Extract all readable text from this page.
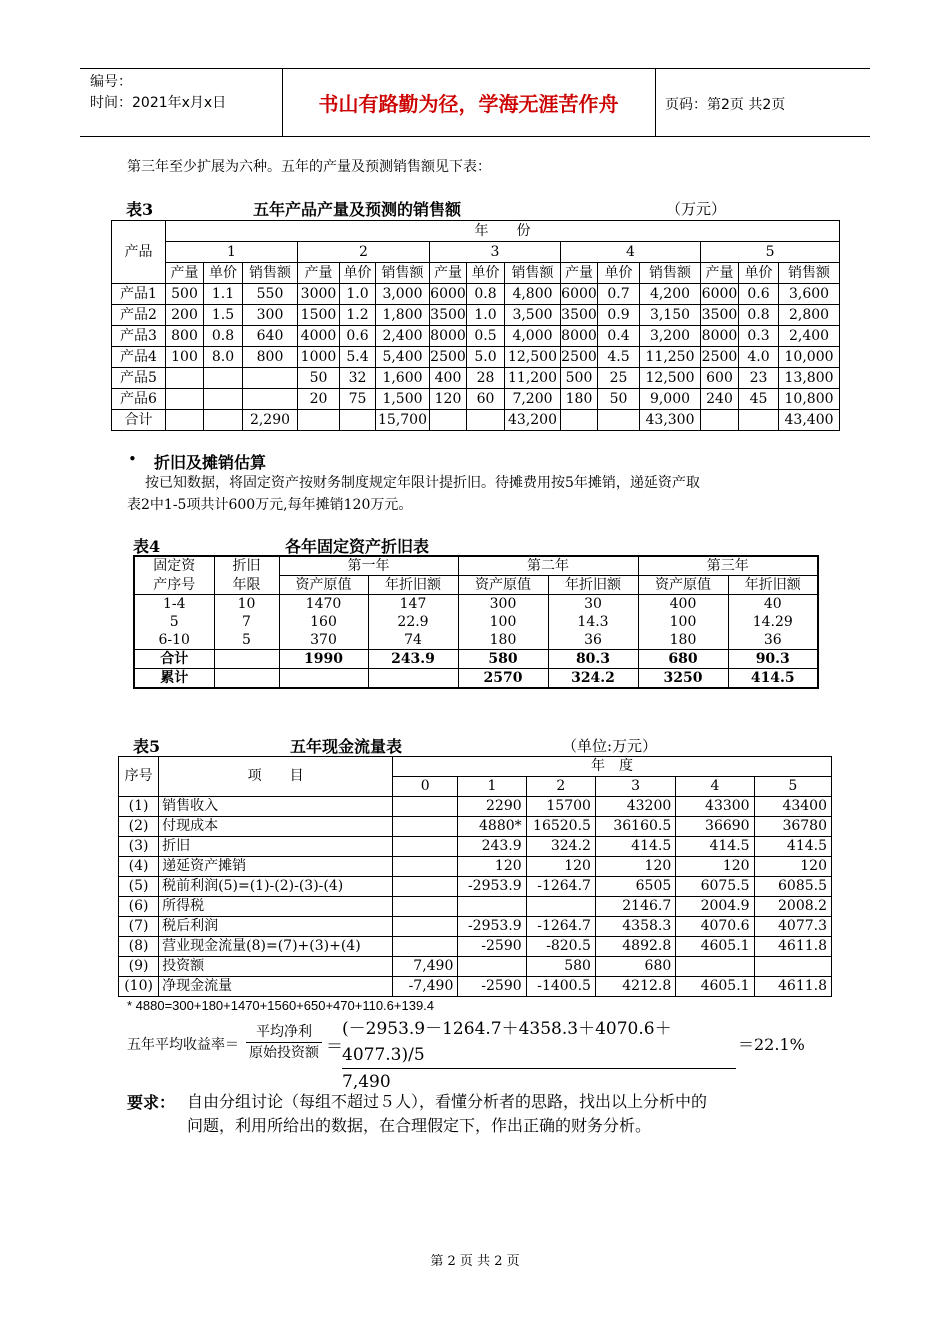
编号：
时间：2021年x月x日	书山有路勤为径，学海无涯苦作舟	页码：第2页 共2页
第三年至少扩展为六种。五年的产量及预测销售额见下表：
表3	五年产品产量及预测的销售额	（万元）
产品	年　　份														
	1			2			3			4			5		
	产量	单价	销售额	产量	单价	销售额	产量	单价	销售额	产量	单价	销售额	产量	单价	销售额
产品1	500	1.1	550	3000	1.0	3,000	6000	0.8	4,800	6000	0.7	4,200	6000	0.6	3,600
产品2	200	1.5	300	1500	1.2	1,800	3500	1.0	3,500	3500	0.9	3,150	3500	0.8	2,800
产品3	800	0.8	640	4000	0.6	2,400	8000	0.5	4,000	8000	0.4	3,200	8000	0.3	2,400
产品4	100	8.0	800	1000	5.4	5,400	2500	5.0	12,500	2500	4.5	11,250	2500	4.0	10,000
产品5				50	32	1,600	400	28	11,200	500	25	12,500	600	23	13,800
产品6				20	75	1,500	120	60	7,200	180	50	9,000	240	45	10,800
合计			2,290			15,700			43,200			43,300			43,400
• 折旧及摊销估算
按已知数据，将固定资产按财务制度规定年限计提折旧。待摊费用按5年摊销，递延资产取
表2中1-5项共计600万元,每年摊销120万元。
表4	各年固定资产折旧表
固定资	折旧	第一年		第二年		第三年	
产序号	年限	资产原值	年折旧额	资产原值	年折旧额	资产原值	年折旧额
1-4	10	1470	147	300	30	400	40
5	7	160	22.9	100	14.3	100	14.29
6-10	5	370	74	180	36	180	36
合计		1990	243.9	580	80.3	680	90.3
累计				2570	324.2	3250	414.5
表5	五年现金流量表	（单位:万元）
序号	项　　目	年　度					
		0	1	2	3	4	5
(1)	销售收入		2290	15700	43200	43300	43400
(2)	付现成本		4880*	16520.5	36160.5	36690	36780
(3)	折旧		243.9	324.2	414.5	414.5	414.5
(4)	递延资产摊销		120	120	120	120	120
(5)	税前利润(5)=(1)-(2)-(3)-(4)		-2953.9	-1264.7	6505	6075.5	6085.5
(6)	所得税				2146.7	2004.9	2008.2
(7)	税后利润		-2953.9	-1264.7	4358.3	4070.6	4077.3
(8)	营业现金流量(8)=(7)+(3)+(4)		-2590	-820.5	4892.8	4605.1	4611.8
(9)	投资额	7,490		580	680		
(10)	净现金流量	-7,490	-2590	-1400.5	4212.8	4605.1	4611.8
* 4880=300+180+1470+1560+650+470+110.6+139.4
五年平均收益率＝
平均净利
原始投资额 ＝ $\frac{(-2953.9-1264.7+4358.3+4070.6+4077.3)/5}{7,490} =22.1\%$
要求： 自由分组讨论（每组不超过５人），看懂分析者的思路，找出以上分析中的
问题，利用所给出的数据，在合理假定下，作出正确的财务分析。
第 2 页 共 2 页
